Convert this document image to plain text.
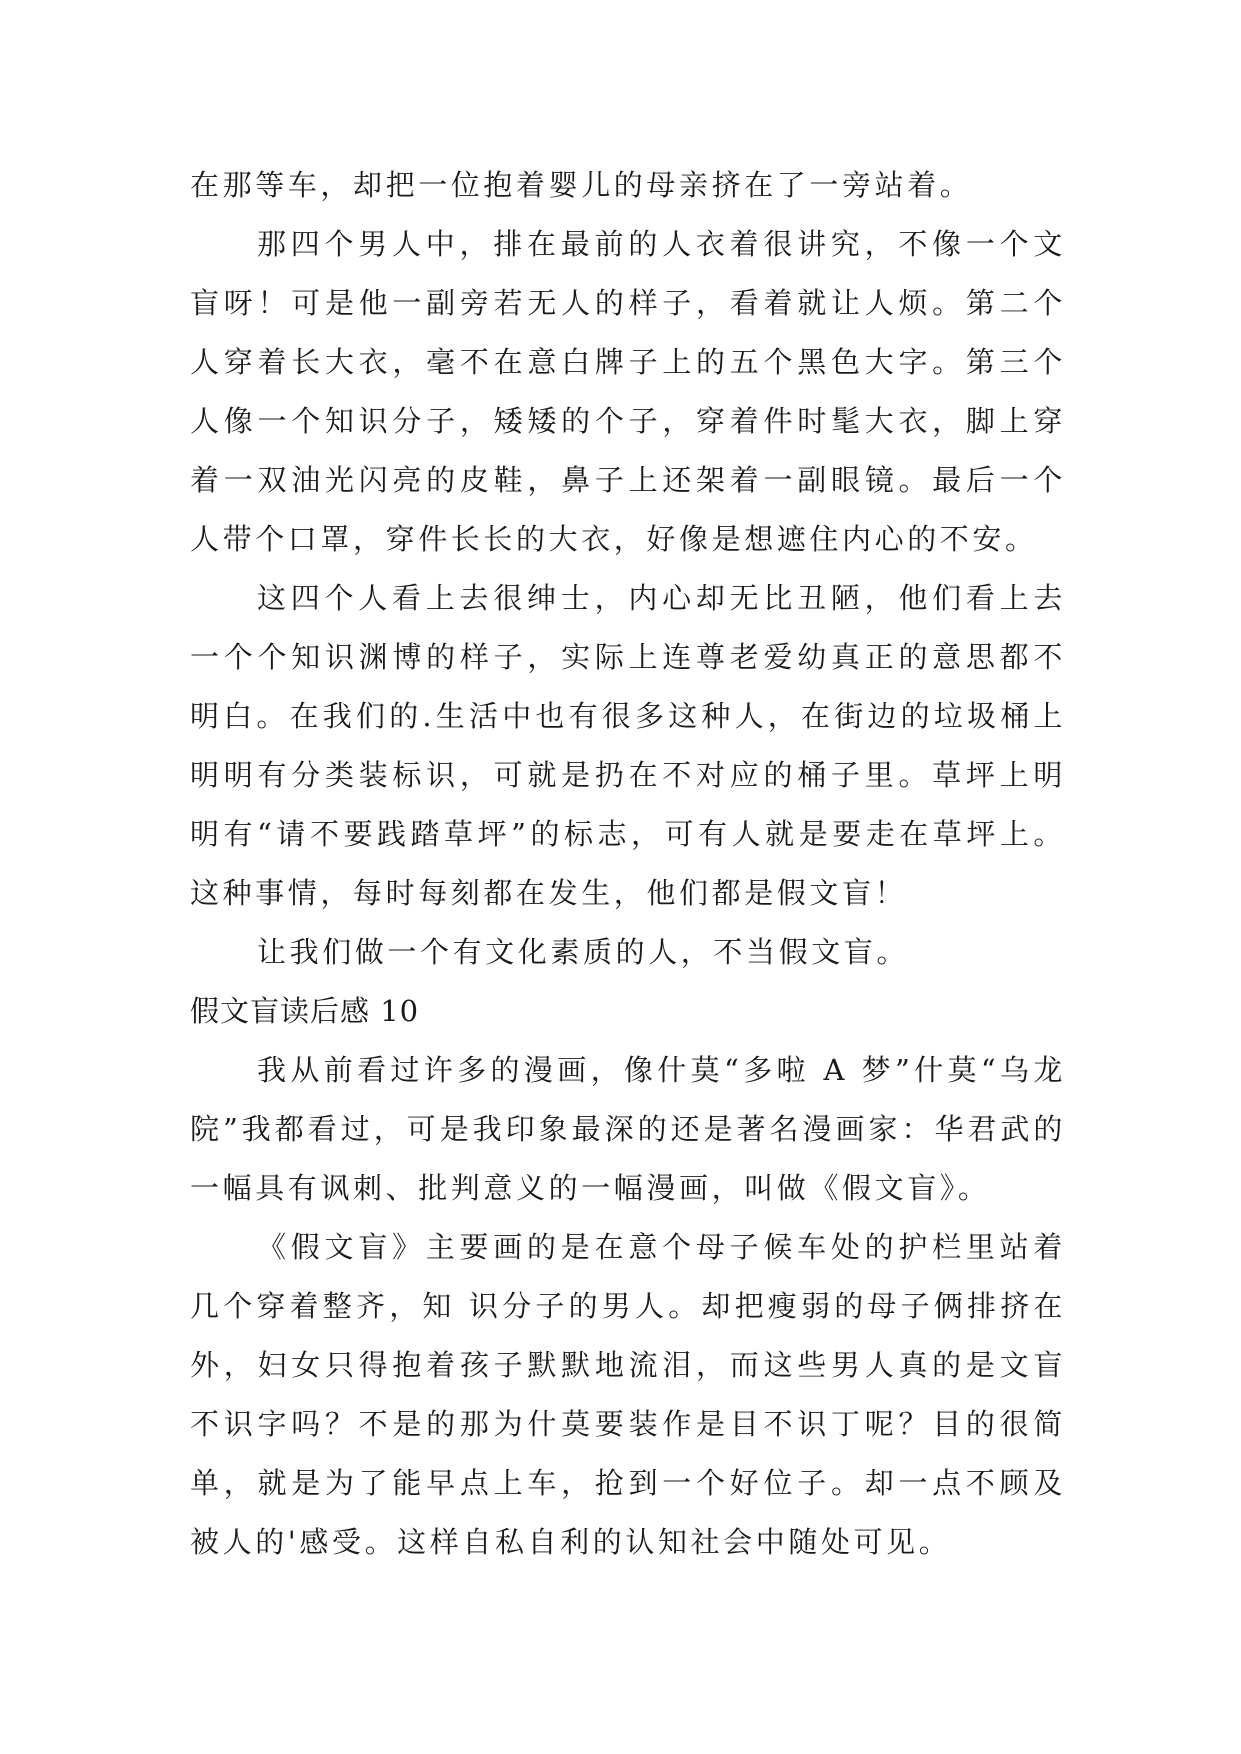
在那等车，却把一位抱着婴儿的母亲挤在了一旁站着。

那四个男人中，排在最前的人衣着很讲究，不像一个文盲呀！可是他一副旁若无人的样子，看着就让人烦。第二个人穿着长大衣，毫不在意白牌子上的五个黑色大字。第三个人像一个知识分子，矮矮的个子，穿着件时髦大衣，脚上穿着一双油光闪亮的皮鞋，鼻子上还架着一副眼镜。最后一个人带个口罩，穿件长长的大衣，好像是想遮住内心的不安。

这四个人看上去很绅士，内心却无比丑陋，他们看上去一个个知识渊博的样子，实际上连尊老爱幼真正的意思都不明白。在我们的.生活中也有很多这种人，在街边的垃圾桶上明明有分类装标识，可就是扔在不对应的桶子里。草坪上明明有“请不要践踏草坪”的标志，可有人就是要走在草坪上。这种事情，每时每刻都在发生，他们都是假文盲！

让我们做一个有文化素质的人，不当假文盲。

假文盲读后感 10

我从前看过许多的漫画，像什莫“多啦 A 梦”什莫“乌龙院”我都看过，可是我印象最深的还是著名漫画家：华君武的一幅具有讽刺、批判意义的一幅漫画，叫做《假文盲》。

《假文盲》主要画的是在意个母子候车处的护栏里站着几个穿着整齐，知 识分子的男人。却把瘦弱的母子俩排挤在外，妇女只得抱着孩子默默地流泪，而这些男人真的是文盲不识字吗？不是的那为什莫要装作是目不识丁呢？目的很简单，就是为了能早点上车，抢到一个好位子。却一点不顾及被人的'感受。这样自私自利的认知社会中随处可见。
